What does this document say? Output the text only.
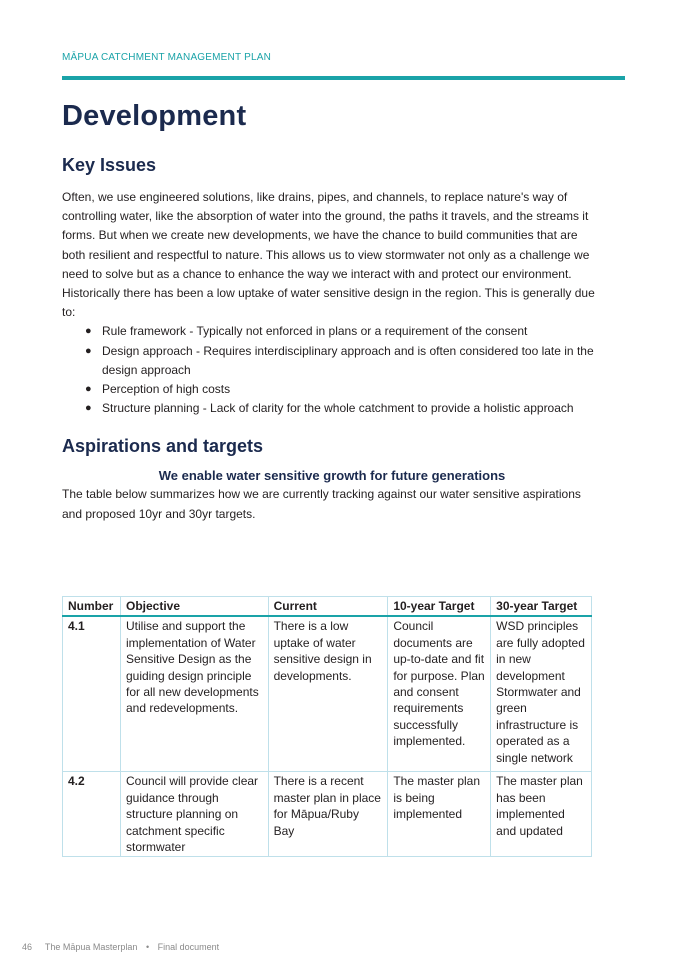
MĀPUA CATCHMENT MANAGEMENT PLAN
Development
Key Issues

Often, we use engineered solutions, like drains, pipes, and channels, to replace nature's way of controlling water, like the absorption of water into the ground, the paths it travels, and the streams it forms. But when we create new developments, we have the chance to build communities that are both resilient and respectful to nature. This allows us to view stormwater not only as a challenge we need to solve but as a chance to enhance the way we interact with and protect our environment.

Historically there has been a low uptake of water sensitive design in the region. This is generally due to:

● Rule framework - Typically not enforced in plans or a requirement of the consent
● Design approach - Requires interdisciplinary approach and is often considered too late in the design approach
● Perception of high costs
● Structure planning - Lack of clarity for the whole catchment to provide a holistic approach
Aspirations and targets

We enable water sensitive growth for future generations

The table below summarizes how we are currently tracking against our water sensitive aspirations and proposed 10yr and 30yr targets.

Number	Objective	Current	10-year Target	30-year Target
4.1	Utilise and support the implementation of Water Sensitive Design as the guiding design principle for all new developments and redevelopments.	There is a low uptake of water sensitive design in developments.	Council documents are up-to-date and fit for purpose. Plan and consent requirements successfully implemented.	WSD principles are fully adopted in new development Stormwater and green infrastructure is operated as a single network
4.2	Council will provide clear guidance through structure planning on catchment specific stormwater	There is a recent master plan in place for Māpua/Ruby Bay	The master plan is being implemented	The master plan has been implemented and updated
46 The Māpua Masterplan • Final document
